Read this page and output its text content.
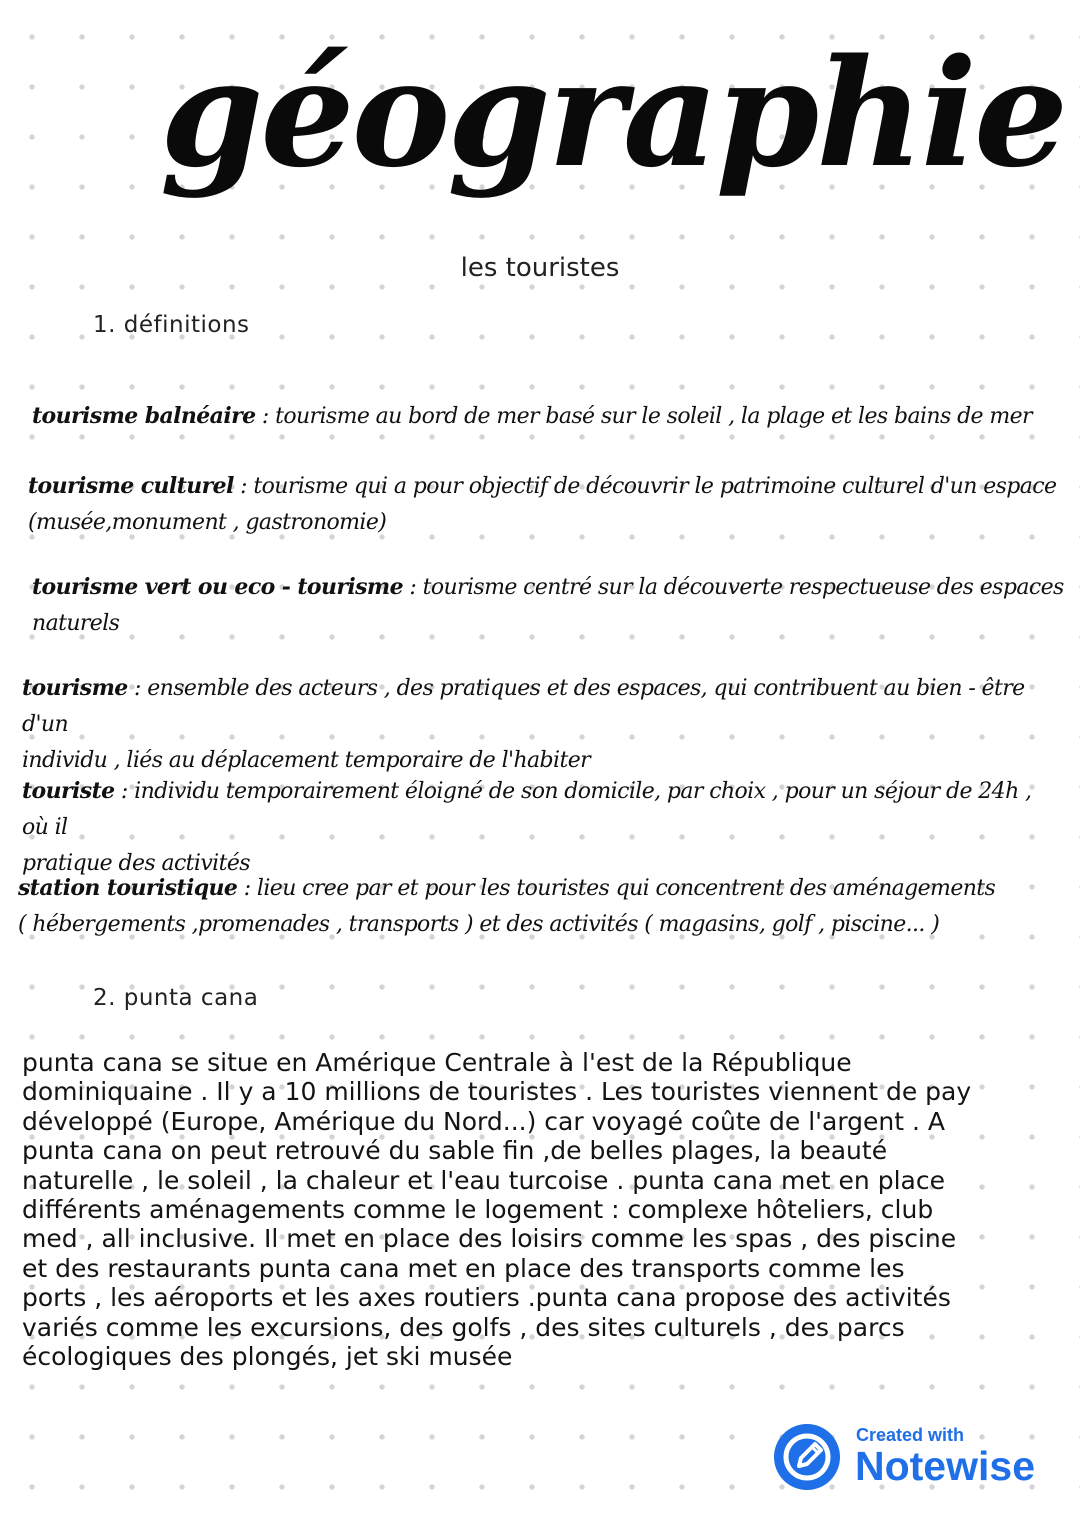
géographie
les touristes
1. définitions
tourisme balnéaire : tourisme au bord de mer basé sur le soleil , la plage et les bains de mer
tourisme culturel : tourisme qui a pour objectif de découvrir le patrimoine culturel d'un espace
(musée,monument , gastronomie)
tourisme vert ou eco - tourisme : tourisme centré sur la découverte respectueuse des espaces
naturels
tourisme : ensemble des acteurs , des pratiques et des espaces, qui contribuent au bien - être d'un
individu , liés au déplacement temporaire de l'habiter
touriste : individu temporairement éloigné de son domicile, par choix , pour un séjour de 24h , où il
pratique des activités
station touristique : lieu cree par et pour les touristes qui concentrent des aménagements
( hébergements ,promenades , transports ) et des activités ( magasins, golf , piscine... )
2. punta cana
punta cana se situe en Amérique Centrale à l'est de la République
dominiquaine . Il y a 10 millions de touristes . Les touristes viennent de pay
développé (Europe, Amérique du Nord...) car voyagé coûte de l'argent . A
punta cana on peut retrouvé du sable fin ,de belles plages, la beauté
naturelle , le soleil , la chaleur et l'eau turcoise . punta cana met en place
différents aménagements comme le logement : complexe hôteliers, club
med , all inclusive. Il met en place des loisirs comme les spas , des piscine
et des restaurants punta cana met en place des transports comme les
ports , les aéroports et les axes routiers .punta cana propose des activités
variés comme les excursions, des golfs , des sites culturels , des parcs
écologiques des plongés, jet ski musée
Created with
Notewise
